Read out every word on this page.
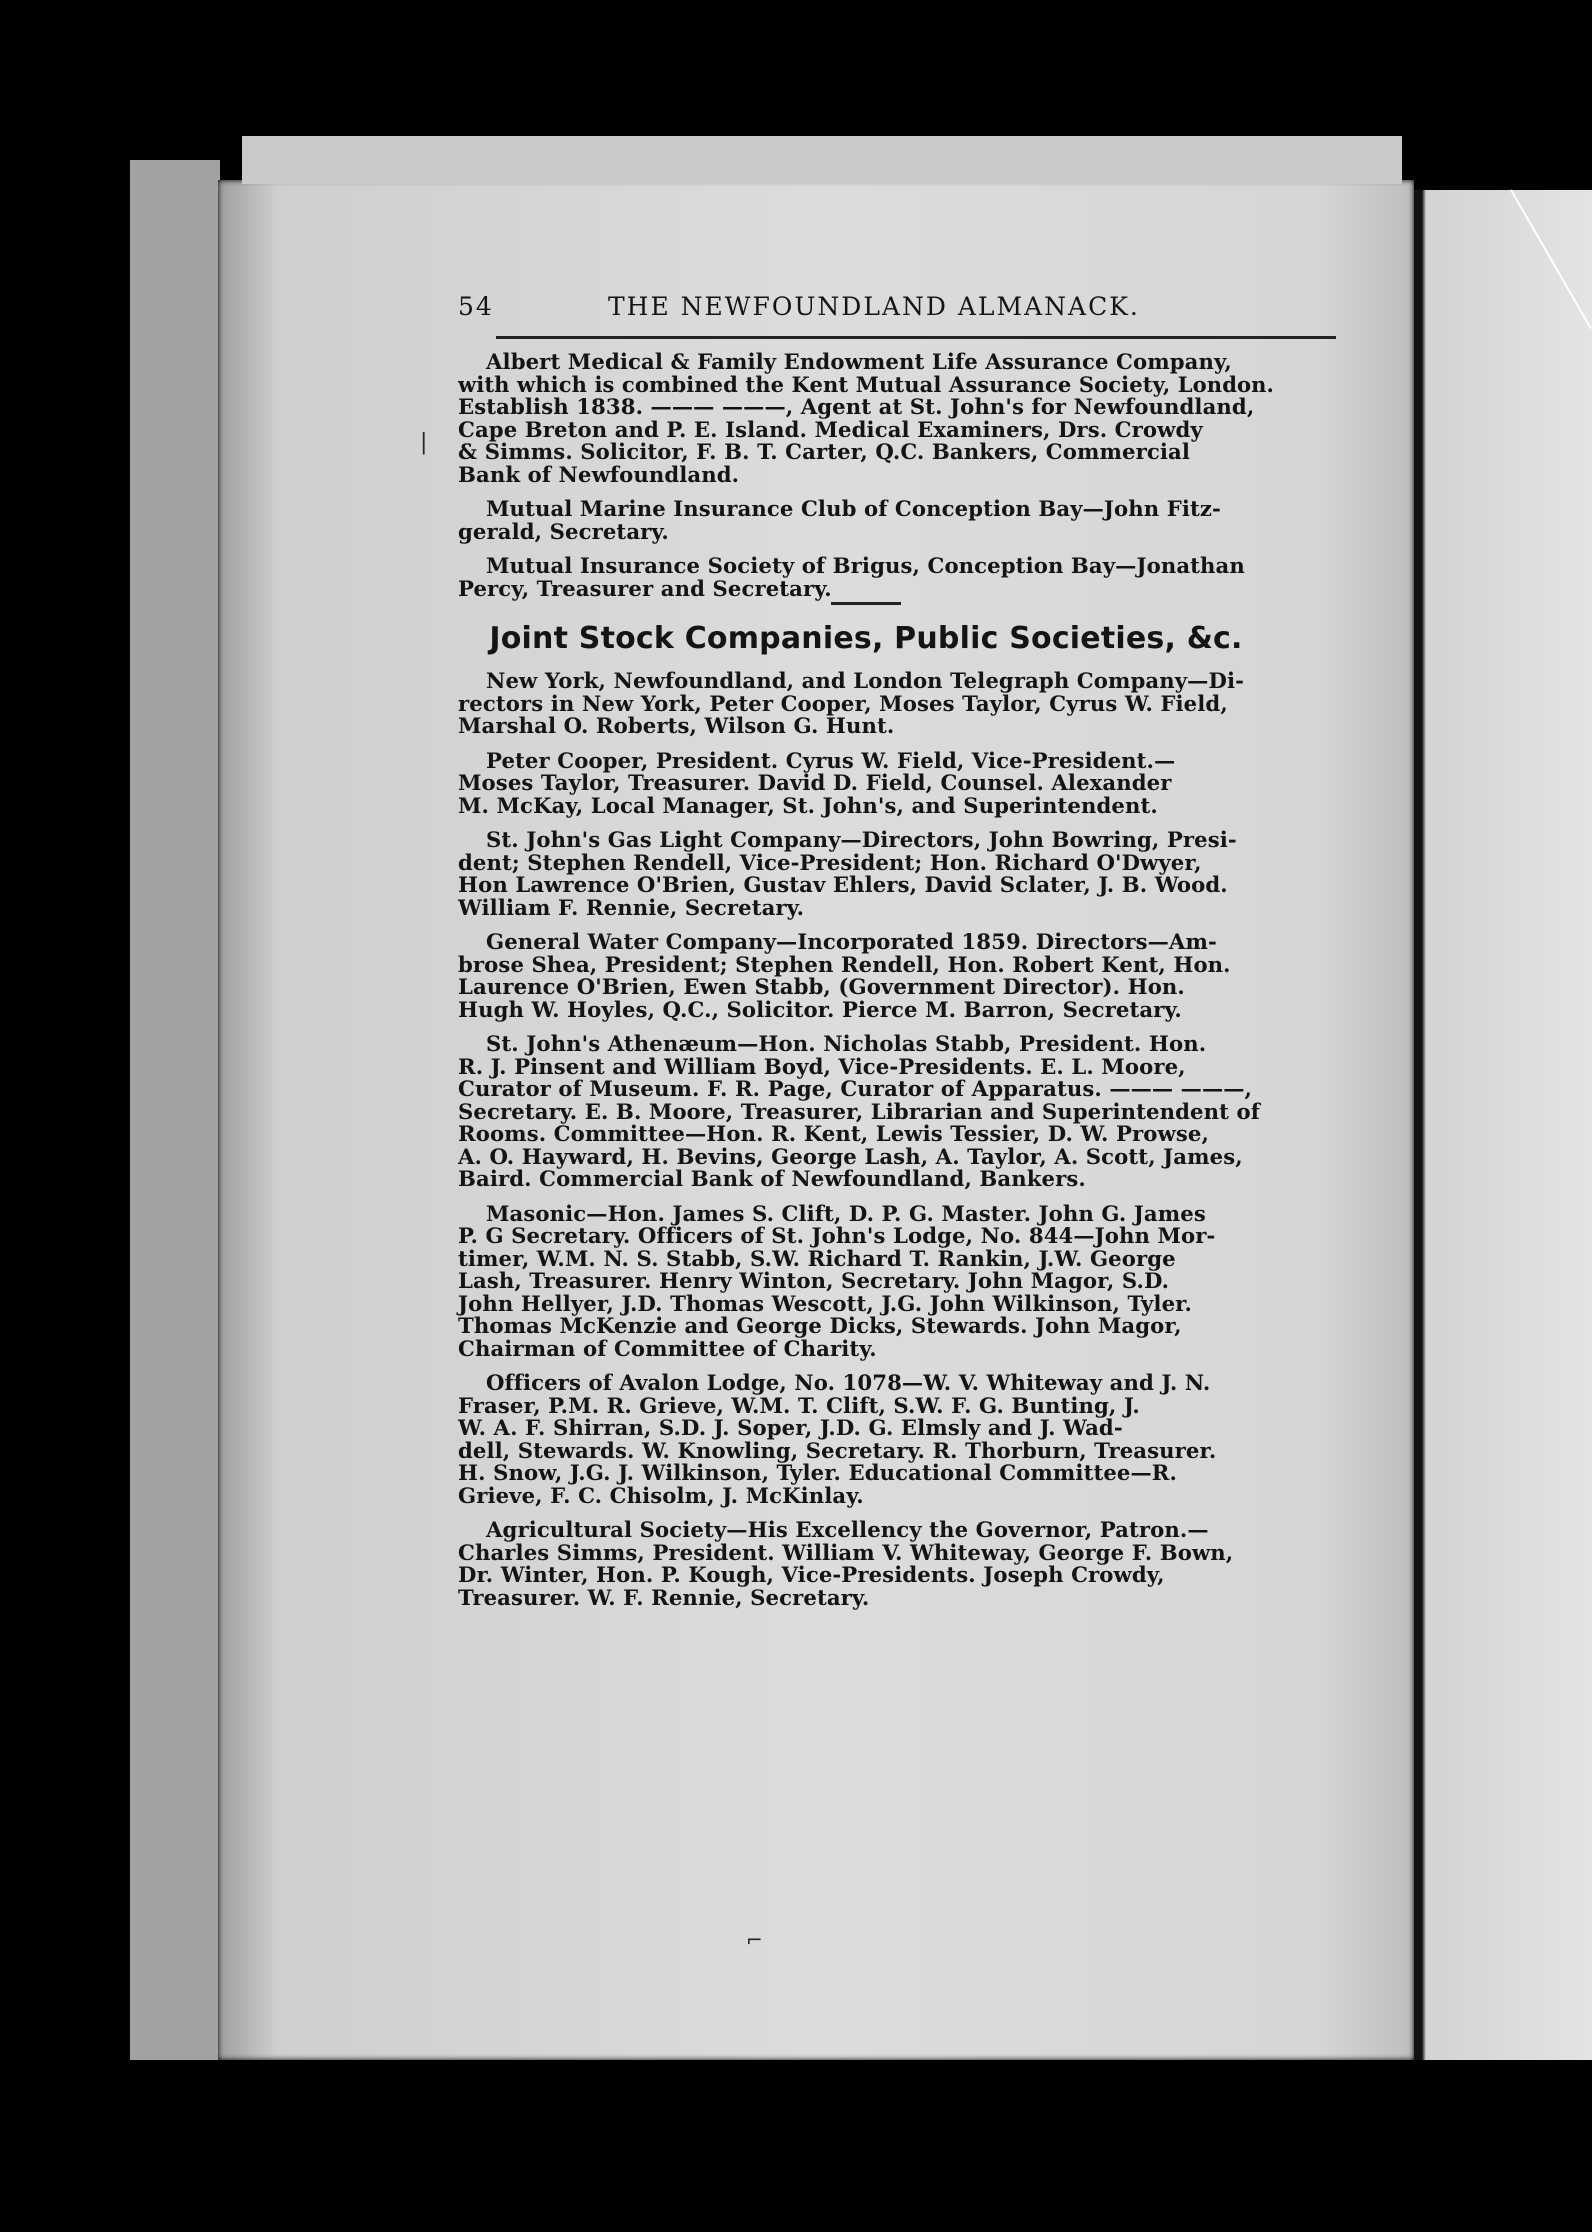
54	THE NEWFOUNDLAND ALMANACK.

Albert Medical & Family Endowment Life Assurance Company,
with which is combined the Kent Mutual Assurance Society, London.
Establish 1838. ——— ———, Agent at St. John's for Newfoundland,
Cape Breton and P. E. Island. Medical Examiners, Drs. Crowdy
& Simms. Solicitor, F. B. T. Carter, Q.C. Bankers, Commercial
Bank of Newfoundland.

Mutual Marine Insurance Club of Conception Bay—John Fitz-
gerald, Secretary.

Mutual Insurance Society of Brigus, Conception Bay—Jonathan
Percy, Treasurer and Secretary.

Joint Stock Companies, Public Societies, &c.

New York, Newfoundland, and London Telegraph Company—Di-
rectors in New York, Peter Cooper, Moses Taylor, Cyrus W. Field,
Marshal O. Roberts, Wilson G. Hunt.

Peter Cooper, President. Cyrus W. Field, Vice-President.—
Moses Taylor, Treasurer. David D. Field, Counsel. Alexander
M. McKay, Local Manager, St. John's, and Superintendent.

St. John's Gas Light Company—Directors, John Bowring, Presi-
dent; Stephen Rendell, Vice-President; Hon. Richard O'Dwyer,
Hon Lawrence O'Brien, Gustav Ehlers, David Sclater, J. B. Wood.
William F. Rennie, Secretary.

General Water Company—Incorporated 1859. Directors—Am-
brose Shea, President; Stephen Rendell, Hon. Robert Kent, Hon.
Laurence O'Brien, Ewen Stabb, (Government Director). Hon.
Hugh W. Hoyles, Q.C., Solicitor. Pierce M. Barron, Secretary.

St. John's Athenæum—Hon. Nicholas Stabb, President. Hon.
R. J. Pinsent and William Boyd, Vice-Presidents. E. L. Moore,
Curator of Museum. F. R. Page, Curator of Apparatus. ——— ———,
Secretary. E. B. Moore, Treasurer, Librarian and Superintendent of
Rooms. Committee—Hon. R. Kent, Lewis Tessier, D. W. Prowse,
A. O. Hayward, H. Bevins, George Lash, A. Taylor, A. Scott, James,
Baird. Commercial Bank of Newfoundland, Bankers.

Masonic—Hon. James S. Clift, D. P. G. Master. John G. James
P. G Secretary. Officers of St. John's Lodge, No. 844—John Mor-
timer, W.M. N. S. Stabb, S.W. Richard T. Rankin, J.W. George
Lash, Treasurer. Henry Winton, Secretary. John Magor, S.D.
John Hellyer, J.D. Thomas Wescott, J.G. John Wilkinson, Tyler.
Thomas McKenzie and George Dicks, Stewards. John Magor,
Chairman of Committee of Charity.

Officers of Avalon Lodge, No. 1078—W. V. Whiteway and J. N.
Fraser, P.M. R. Grieve, W.M. T. Clift, S.W. F. G. Bunting, J.
W. A. F. Shirran, S.D. J. Soper, J.D. G. Elmsly and J. Wad-
dell, Stewards. W. Knowling, Secretary. R. Thorburn, Treasurer.
H. Snow, J.G. J. Wilkinson, Tyler. Educational Committee—R.
Grieve, F. C. Chisolm, J. McKinlay.

Agricultural Society—His Excellency the Governor, Patron.—
Charles Simms, President. William V. Whiteway, George F. Bown,
Dr. Winter, Hon. P. Kough, Vice-Presidents. Joseph Crowdy,
Treasurer. W. F. Rennie, Secretary.

|
⌐
